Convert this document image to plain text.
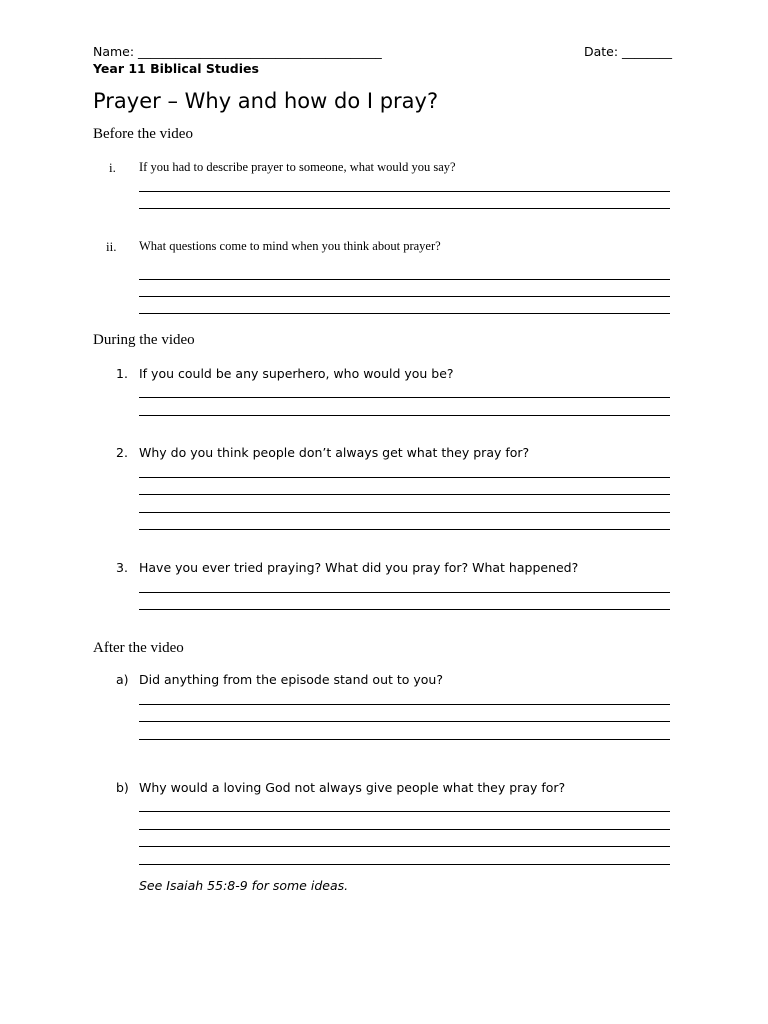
Name: _______________________________________	Date: ________
Year 11 Biblical Studies
Prayer – Why and how do I pray?
Before the video
i. If you had to describe prayer to someone, what would you say?
ii. What questions come to mind when you think about prayer?
During the video
1. If you could be any superhero, who would you be?
2. Why do you think people don’t always get what they pray for?
3. Have you ever tried praying? What did you pray for? What happened?
After the video
a) Did anything from the episode stand out to you?
b) Why would a loving God not always give people what they pray for?
See Isaiah 55:8-9 for some ideas.
